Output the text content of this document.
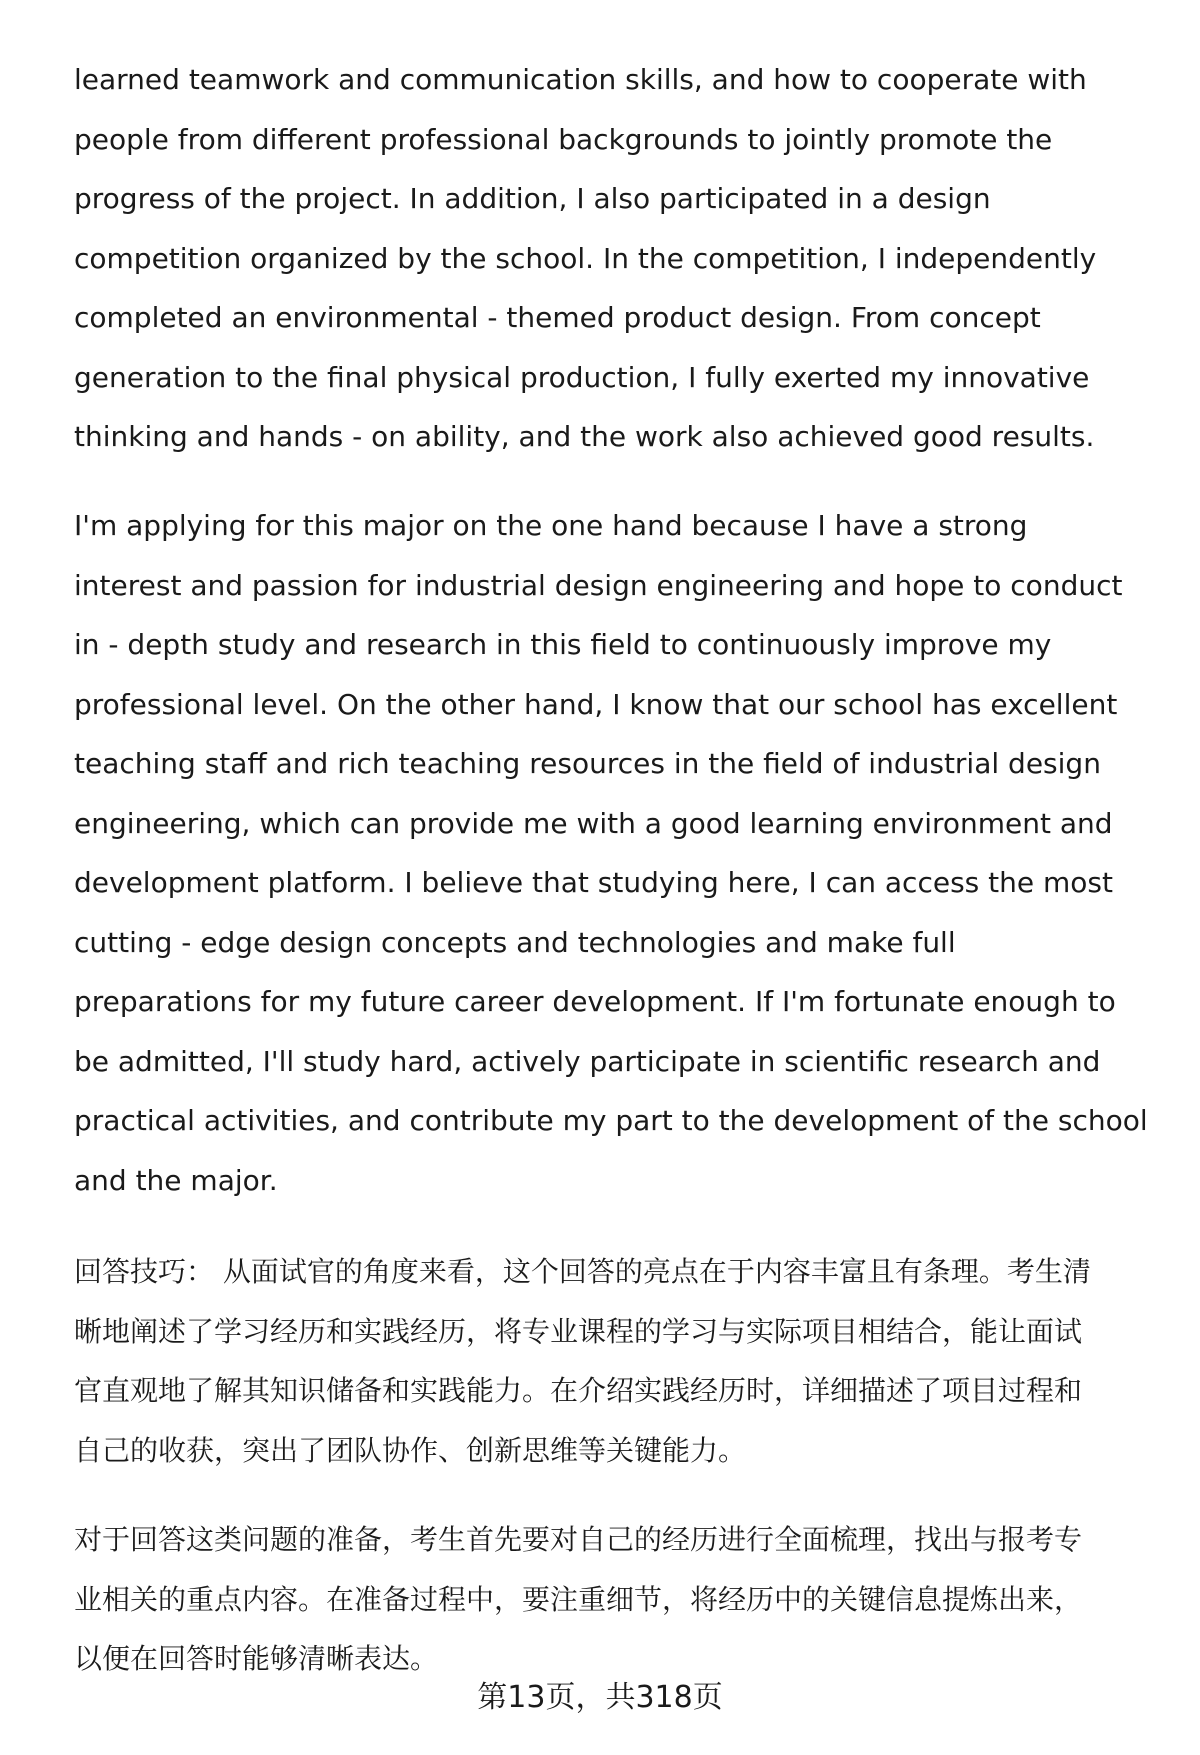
learned teamwork and communication skills, and how to cooperate with
people from different professional backgrounds to jointly promote the
progress of the project. In addition, I also participated in a design
competition organized by the school. In the competition, I independently
completed an environmental - themed product design. From concept
generation to the final physical production, I fully exerted my innovative
thinking and hands - on ability, and the work also achieved good results.
I'm applying for this major on the one hand because I have a strong
interest and passion for industrial design engineering and hope to conduct
in - depth study and research in this field to continuously improve my
professional level. On the other hand, I know that our school has excellent
teaching staff and rich teaching resources in the field of industrial design
engineering, which can provide me with a good learning environment and
development platform. I believe that studying here, I can access the most
cutting - edge design concepts and technologies and make full
preparations for my future career development. If I'm fortunate enough to
be admitted, I'll study hard, actively participate in scientific research and
practical activities, and contribute my part to the development of the school
and the major.
回答技巧： 从面试官的角度来看，这个回答的亮点在于内容丰富且有条理。考生清
晰地阐述了学习经历和实践经历，将专业课程的学习与实际项目相结合，能让面试
官直观地了解其知识储备和实践能力。在介绍实践经历时，详细描述了项目过程和
自己的收获，突出了团队协作、创新思维等关键能力。
对于回答这类问题的准备，考生首先要对自己的经历进行全面梳理，找出与报考专
业相关的重点内容。在准备过程中，要注重细节，将经历中的关键信息提炼出来，
以便在回答时能够清晰表达。
第13页，共318页
